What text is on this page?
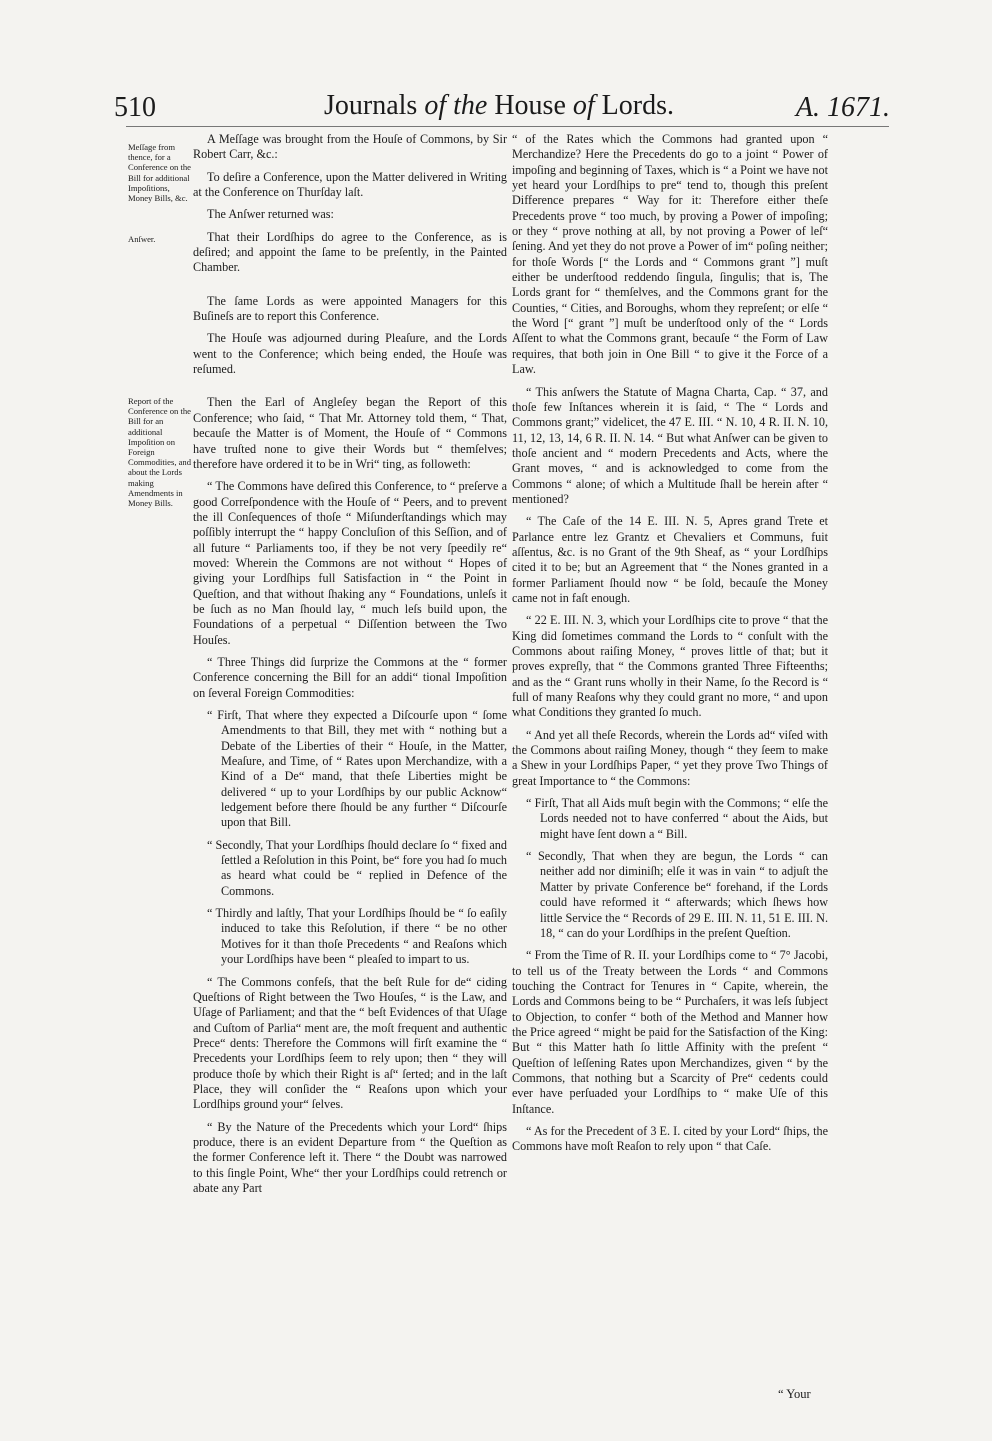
510	Journals of the House of Lords.	A. 1671.
Meſſage from thence, for a Conference on the Bill for additional Impoſitions, Money Bills, &c.
Anſwer.
Report of the Conference on the Bill for an additional Impoſition on Foreign Commodities, and about the Lords making Amendments in Money Bills.

A Meſſage was brought from the Houſe of Commons, by Sir Robert Carr, &c.:

To deſire a Conference, upon the Matter delivered in Writing at the Conference on Thurſday laſt.

The Anſwer returned was:

That their Lordſhips do agree to the Conference, as is deſired; and appoint the ſame to be preſently, in the Painted Chamber.

The ſame Lords as were appointed Managers for this Buſineſs are to report this Conference.

The Houſe was adjourned during Pleaſure, and the Lords went to the Conference; which being ended, the Houſe was reſumed.

Then the Earl of Angleſey began the Report of this Conference; who ſaid, “ That Mr. Attorney told them, “ That, becauſe the Matter is of Moment, the Houſe of “ Commons have truſted none to give their Words but “ themſelves; therefore have ordered it to be in Wri“ ting, as followeth:

“ The Commons have deſired this Conference, to “ preſerve a good Correſpondence with the Houſe of “ Peers, and to prevent the ill Conſequences of thoſe “ Miſunderſtandings which may poſſibly interrupt the “ happy Concluſion of this Seſſion, and of all future “ Parliaments too, if they be not very ſpeedily re“ moved: Wherein the Commons are not without “ Hopes of giving your Lordſhips full Satisfaction in “ the Point in Queſtion, and that without ſhaking any “ Foundations, unleſs it be ſuch as no Man ſhould lay, “ much leſs build upon, the Foundations of a perpetual “ Diſſention between the Two Houſes.

“ Three Things did ſurprize the Commons at the “ former Conference concerning the Bill for an addi“ tional Impoſition on ſeveral Foreign Commodities:

“ Firſt, That where they expected a Diſcourſe upon “ ſome Amendments to that Bill, they met with “ nothing but a Debate of the Liberties of their “ Houſe, in the Matter, Meaſure, and Time, of “ Rates upon Merchandize, with a Kind of a De“ mand, that theſe Liberties might be delivered “ up to your Lordſhips by our public Acknow“ ledgement before there ſhould be any further “ Diſcourſe upon that Bill.

“ Secondly, That your Lordſhips ſhould declare ſo “ fixed and ſettled a Reſolution in this Point, be“ fore you had ſo much as heard what could be “ replied in Defence of the Commons.

“ Thirdly and laſtly, That your Lordſhips ſhould be “ ſo eaſily induced to take this Reſolution, if there “ be no other Motives for it than thoſe Precedents “ and Reaſons which your Lordſhips have been “ pleaſed to impart to us.

“ The Commons confeſs, that the beſt Rule for de“ ciding Queſtions of Right between the Two Houſes, “ is the Law, and Uſage of Parliament; and that the “ beſt Evidences of that Uſage and Cuſtom of Parlia“ ment are, the moſt frequent and authentic Prece“ dents: Therefore the Commons will firſt examine the “ Precedents your Lordſhips ſeem to rely upon; then “ they will produce thoſe by which their Right is aſ“ ſerted; and in the laſt Place, they will conſider the “ Reaſons upon which your Lordſhips ground your“ ſelves.

“ By the Nature of the Precedents which your Lord“ ſhips produce, there is an evident Departure from “ the Queſtion as the former Conference left it. There “ the Doubt was narrowed to this ſingle Point, Whe“ ther your Lordſhips could retrench or abate any Part

“ of the Rates which the Commons had granted upon “ Merchandize? Here the Precedents do go to a joint “ Power of impoſing and beginning of Taxes, which is “ a Point we have not yet heard your Lordſhips to pre“ tend to, though this preſent Difference prepares “ Way for it: Therefore either theſe Precedents prove “ too much, by proving a Power of impoſing; or they “ prove nothing at all, by not proving a Power of leſ“ ſening. And yet they do not prove a Power of im“ poſing neither; for thoſe Words [“ the Lords and “ Commons grant ”] muſt either be underſtood reddendo ſingula, ſingulis; that is, The Lords grant for “ themſelves, and the Commons grant for the Counties, “ Cities, and Boroughs, whom they repreſent; or elſe “ the Word [“ grant ”] muſt be underſtood only of the “ Lords Aſſent to what the Commons grant, becauſe “ the Form of Law requires, that both join in One Bill “ to give it the Force of a Law.

“ This anſwers the Statute of Magna Charta, Cap. “ 37, and thoſe few Inſtances wherein it is ſaid, “ The “ Lords and Commons grant;” videlicet, the 47 E. III. “ N. 10, 4 R. II. N. 10, 11, 12, 13, 14, 6 R. II. N. 14. “ But what Anſwer can be given to thoſe ancient and “ modern Precedents and Acts, where the Grant moves, “ and is acknowledged to come from the Commons “ alone; of which a Multitude ſhall be herein after “ mentioned?

“ The Caſe of the 14 E. III. N. 5, Apres grand Trete et Parlance entre lez Grantz et Chevaliers et Communs, fuit aſſentus, &c. is no Grant of the 9th Sheaf, as “ your Lordſhips cited it to be; but an Agreement that “ the Nones granted in a former Parliament ſhould now “ be ſold, becauſe the Money came not in faſt enough.

“ 22 E. III. N. 3, which your Lordſhips cite to prove “ that the King did ſometimes command the Lords to “ conſult with the Commons about raiſing Money, “ proves little of that; but it proves expreſly, that “ the Commons granted Three Fifteenths; and as the “ Grant runs wholly in their Name, ſo the Record is “ full of many Reaſons why they could grant no more, “ and upon what Conditions they granted ſo much.

“ And yet all theſe Records, wherein the Lords ad“ viſed with the Commons about raiſing Money, though “ they ſeem to make a Shew in your Lordſhips Paper, “ yet they prove Two Things of great Importance to “ the Commons:

“ Firſt, That all Aids muſt begin with the Commons; “ elſe the Lords needed not to have conferred “ about the Aids, but might have ſent down a “ Bill.

“ Secondly, That when they are begun, the Lords “ can neither add nor diminiſh; elſe it was in vain “ to adjuſt the Matter by private Conference be“ forehand, if the Lords could have reformed it “ afterwards; which ſhews how little Service the “ Records of 29 E. III. N. 11, 51 E. III. N. 18, “ can do your Lordſhips in the preſent Queſtion.

“ From the Time of R. II. your Lordſhips come to “ 7° Jacobi, to tell us of the Treaty between the Lords “ and Commons touching the Contract for Tenures in “ Capite, wherein, the Lords and Commons being to be “ Purchaſers, it was leſs ſubject to Objection, to confer “ both of the Method and Manner how the Price agreed “ might be paid for the Satisfaction of the King: But “ this Matter hath ſo little Affinity with the preſent “ Queſtion of leſſening Rates upon Merchandizes, given “ by the Commons, that nothing but a Scarcity of Pre“ cedents could ever have perſuaded your Lordſhips to “ make Uſe of this Inſtance.

“ As for the Precedent of 3 E. I. cited by your Lord“ ſhips, the Commons have moſt Reaſon to rely upon “ that Caſe.

“ Your
